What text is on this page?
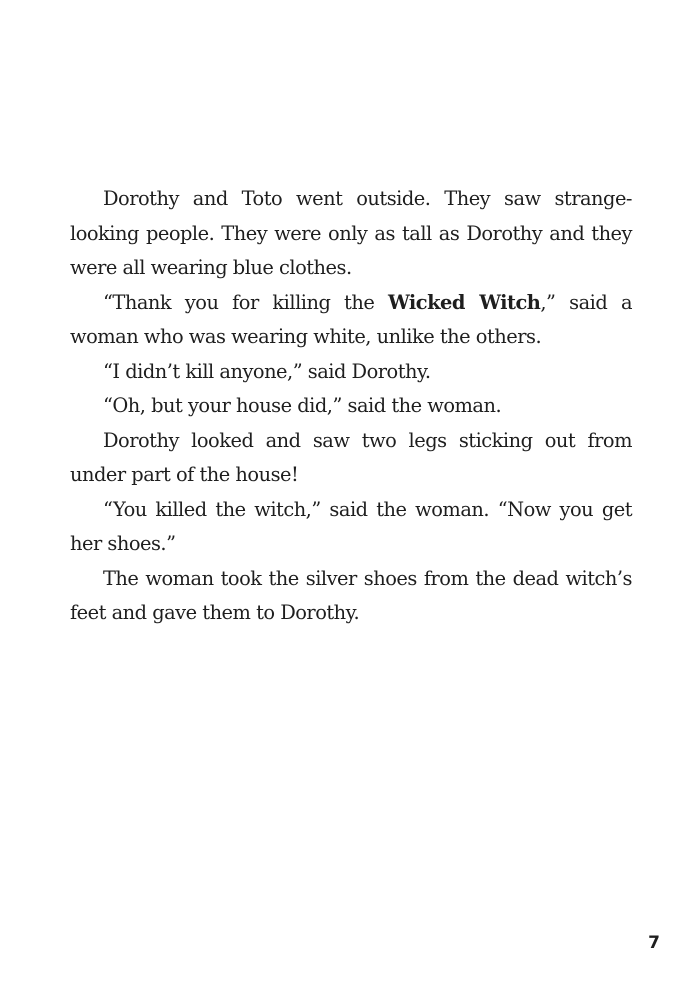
Dorothy and Toto went outside. They saw strange-looking people. They were only as tall as Dorothy and they were all wearing blue clothes.

“Thank you for killing the Wicked Witch,” said a woman who was wearing white, unlike the others.

“I didn’t kill anyone,” said Dorothy.

“Oh, but your house did,” said the woman.

Dorothy looked and saw two legs sticking out from under part of the house!

“You killed the witch,” said the woman. “Now you get her shoes.”

The woman took the silver shoes from the dead witch’s feet and gave them to Dorothy.

7
